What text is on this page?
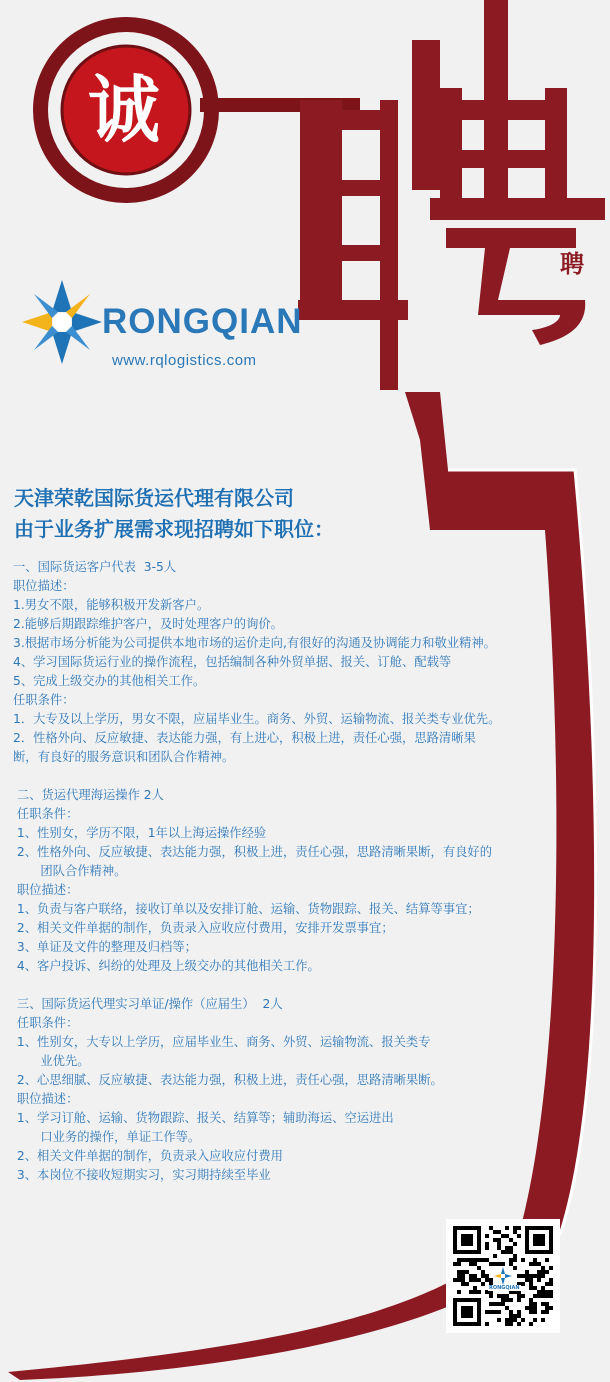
诚
聘
RONGQIAN
www.rqlogistics.com
天津荣乾国际货运代理有限公司
由于业务扩展需求现招聘如下职位：
一、国际货运客户代表  3-5人
职位描述：
1.男女不限，能够积极开发新客户。
2.能够后期跟踪维护客户，及时处理客户的询价。
3.根据市场分析能为公司提供本地市场的运价走向,有很好的沟通及协调能力和敬业精神。
4、学习国际货运行业的操作流程，包括编制各种外贸单据、报关、订舱、配载等
5、完成上级交办的其他相关工作。
任职条件：
1．大专及以上学历，男女不限，应届毕业生。商务、外贸、运输物流、报关类专业优先。
2．性格外向、反应敏捷、表达能力强，有上进心，积极上进，责任心强，思路清晰果
断，有良好的服务意识和团队合作精神。
二、货运代理海运操作 2人
任职条件：
1、性别女，学历不限，1年以上海运操作经验
2、性格外向、反应敏捷、表达能力强，积极上进，责任心强，思路清晰果断，有良好的
团队合作精神。
职位描述：
1、负责与客户联络，接收订单以及安排订舱、运输、货物跟踪、报关、结算等事宜；
2、相关文件单据的制作，负责录入应收应付费用，安排开发票事宜；
3、单证及文件的整理及归档等；
4、客户投诉、纠纷的处理及上级交办的其他相关工作。
三、国际货运代理实习单证/操作（应届生）  2人
任职条件：
1、性别女，大专以上学历，应届毕业生、商务、外贸、运输物流、报关类专
业优先。
2、心思细腻、反应敏捷、表达能力强，积极上进，责任心强，思路清晰果断。
职位描述：
1、学习订舱、运输、货物跟踪、报关、结算等；辅助海运、空运进出
口业务的操作，单证工作等。
2、相关文件单据的制作，负责录入应收应付费用
3、本岗位不接收短期实习，实习期持续至毕业
RONGQIAN
